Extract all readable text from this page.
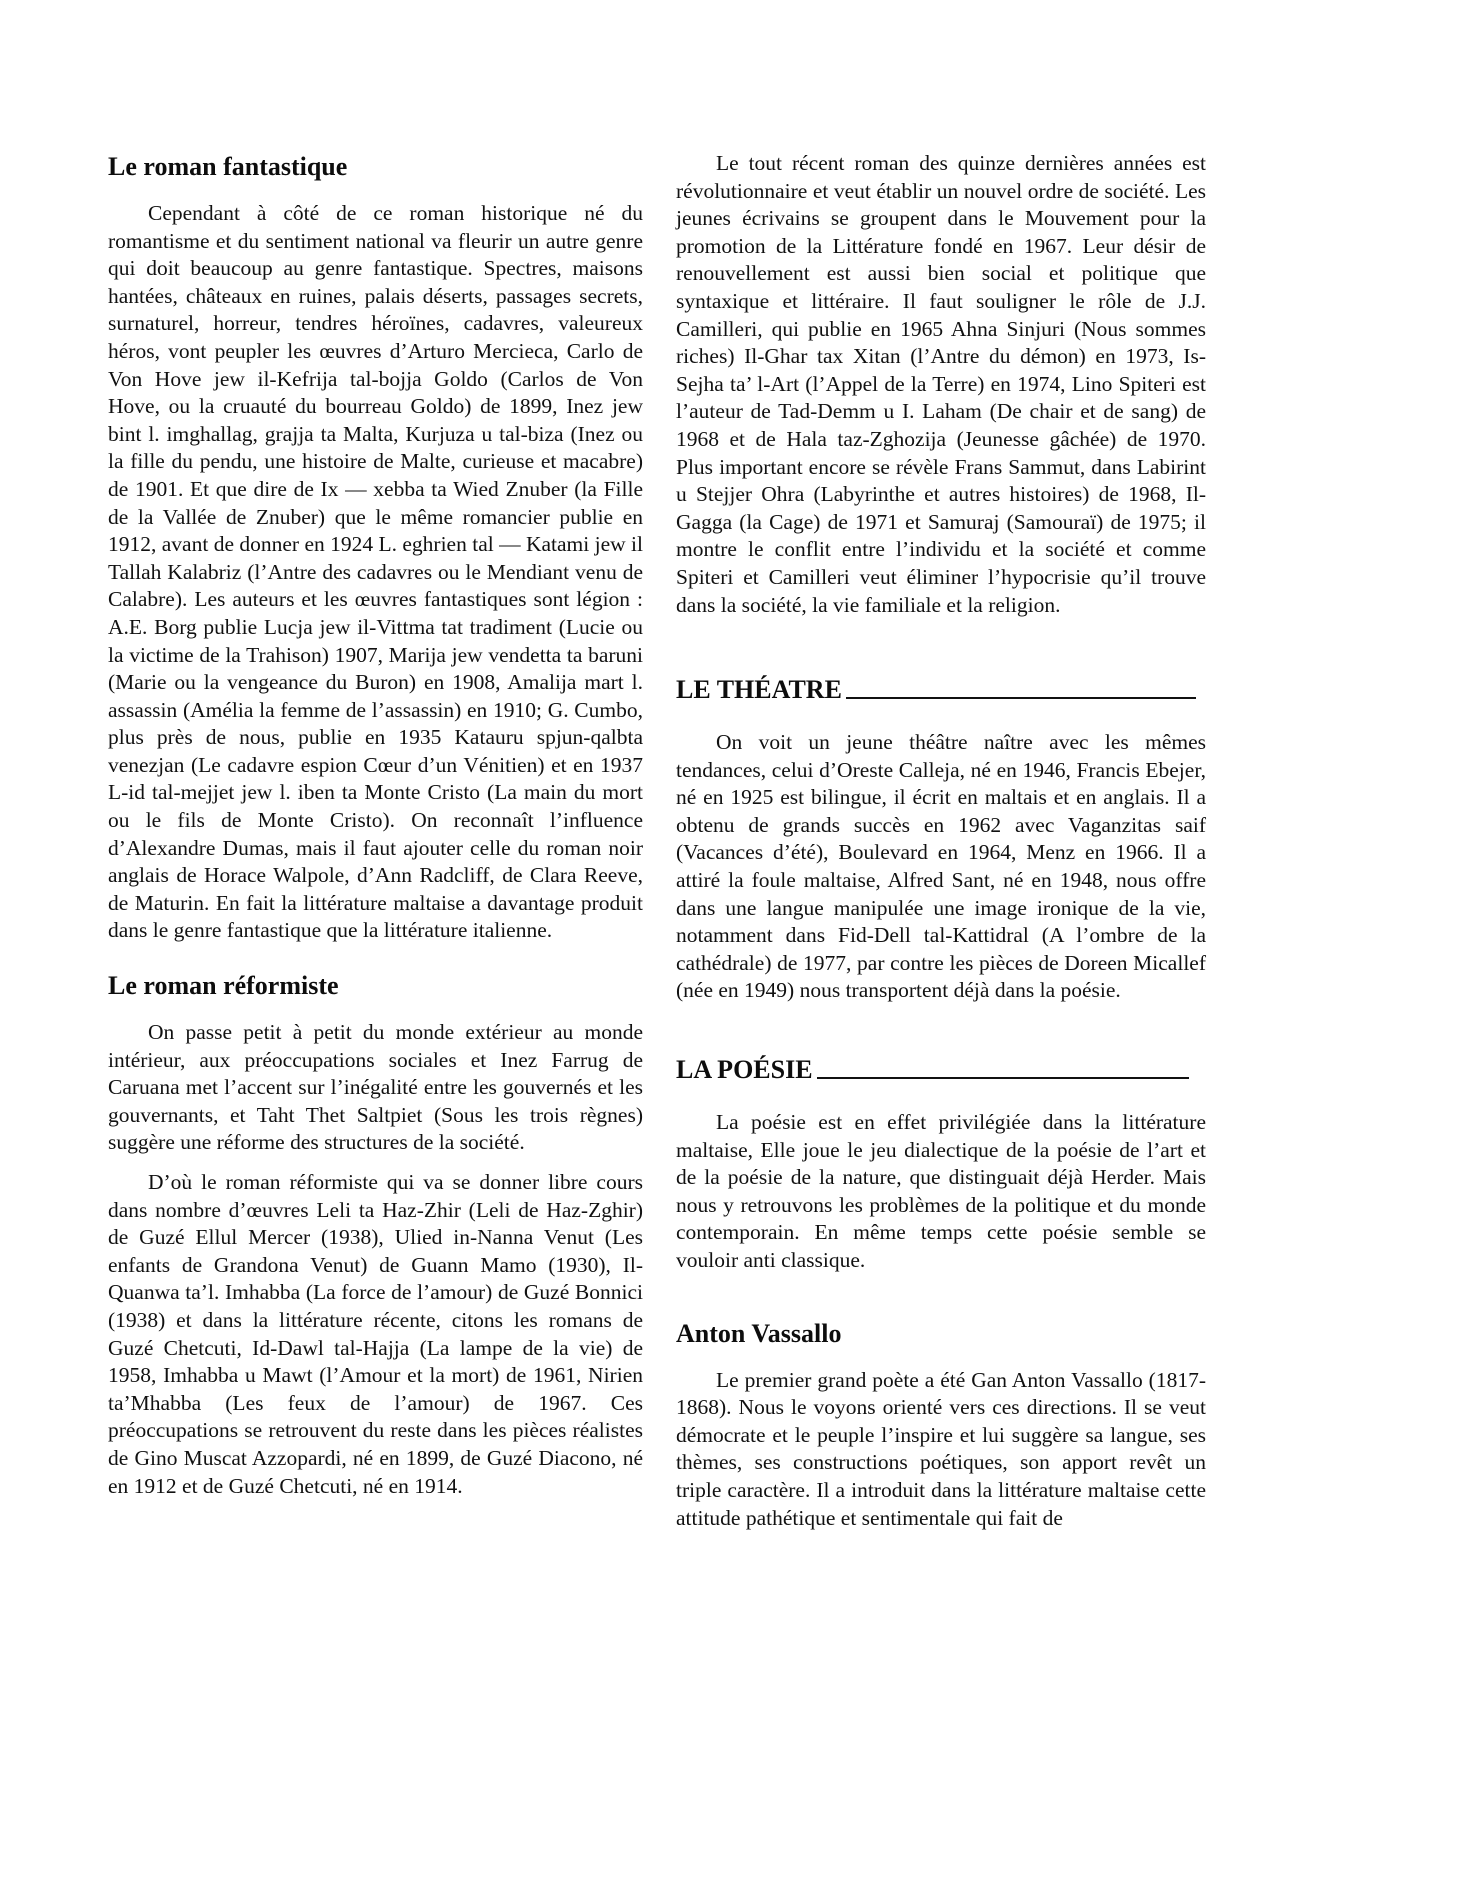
Le roman fantastique

Cependant à côté de ce roman historique né du romantisme et du sentiment national va fleurir un autre genre qui doit beaucoup au genre fantastique. Spectres, maisons hantées, châteaux en ruines, palais déserts, passages secrets, surnaturel, horreur, tendres héroïnes, cadavres, valeureux héros, vont peupler les œuvres d’Arturo Mercieca, Carlo de Von Hove jew il-Kefrija tal-bojja Goldo (Carlos de Von Hove, ou la cruauté du bourreau Goldo) de 1899, Inez jew bint l. imghallag, grajja ta Malta, Kurjuza u tal-biza (Inez ou la fille du pendu, une histoire de Malte, curieuse et macabre) de 1901. Et que dire de Ix — xebba ta Wied Znuber (la Fille de la Vallée de Znuber) que le même romancier publie en 1912, avant de donner en 1924 L. eghrien tal — Katami jew il Tallah Kalabriz (l’Antre des cadavres ou le Mendiant venu de Calabre). Les auteurs et les œuvres fantastiques sont légion : A.E. Borg publie Lucja jew il-Vittma tat tradiment (Lucie ou la victime de la Trahison) 1907, Marija jew vendetta ta baruni (Marie ou la vengeance du Buron) en 1908, Amalija mart l. assassin (Amélia la femme de l’assassin) en 1910; G. Cumbo, plus près de nous, publie en 1935 Katauru spjun-qalbta venezjan (Le cadavre espion Cœur d’un Vénitien) et en 1937 L-id tal-mejjet jew l. iben ta Monte Cristo (La main du mort ou le fils de Monte Cristo). On reconnaît l’influence d’Alexandre Dumas, mais il faut ajouter celle du roman noir anglais de Horace Walpole, d’Ann Radcliff, de Clara Reeve, de Maturin. En fait la littérature maltaise a davantage produit dans le genre fantastique que la littérature italienne.

Le roman réformiste

On passe petit à petit du monde extérieur au monde intérieur, aux préoccupations sociales et Inez Farrug de Caruana met l’accent sur l’inégalité entre les gouvernés et les gouvernants, et Taht Thet Saltpiet (Sous les trois règnes) suggère une réforme des structures de la société.

D’où le roman réformiste qui va se donner libre cours dans nombre d’œuvres Leli ta Haz-Zhir (Leli de Haz-Zghir) de Guzé Ellul Mercer (1938), Ulied in-Nanna Venut (Les enfants de Grandona Venut) de Guann Mamo (1930), Il-Quanwa ta’l. Imhabba (La force de l’amour) de Guzé Bonnici (1938) et dans la littérature récente, citons les romans de Guzé Chetcuti, Id-Dawl tal-Hajja (La lampe de la vie) de 1958, Imhabba u Mawt (l’Amour et la mort) de 1961, Nirien ta’Mhabba (Les feux de l’amour) de 1967. Ces préoccupations se retrouvent du reste dans les pièces réalistes de Gino Muscat Azzopardi, né en 1899, de Guzé Diacono, né en 1912 et de Guzé Chetcuti, né en 1914.

Le tout récent roman des quinze dernières années est révolutionnaire et veut établir un nouvel ordre de société. Les jeunes écrivains se groupent dans le Mouvement pour la promotion de la Littérature fondé en 1967. Leur désir de renouvellement est aussi bien social et politique que syntaxique et littéraire. Il faut souligner le rôle de J.J. Camilleri, qui publie en 1965 Ahna Sinjuri (Nous sommes riches) Il-Ghar tax Xitan (l’Antre du démon) en 1973, Is-Sejha ta’ l-Art (l’Appel de la Terre) en 1974, Lino Spiteri est l’auteur de Tad-Demm u I. Laham (De chair et de sang) de 1968 et de Hala taz-Zghozija (Jeunesse gâchée) de 1970. Plus important encore se révèle Frans Sammut, dans Labirint u Stejjer Ohra (Labyrinthe et autres histoires) de 1968, Il-Gagga (la Cage) de 1971 et Samuraj (Samouraï) de 1975; il montre le conflit entre l’individu et la société et comme Spiteri et Camilleri veut éliminer l’hypocrisie qu’il trouve dans la société, la vie familiale et la religion.

LE THÉATRE

On voit un jeune théâtre naître avec les mêmes tendances, celui d’Oreste Calleja, né en 1946, Francis Ebejer, né en 1925 est bilingue, il écrit en maltais et en anglais. Il a obtenu de grands succès en 1962 avec Vaganzitas saif (Vacances d’été), Boulevard en 1964, Menz en 1966. Il a attiré la foule maltaise, Alfred Sant, né en 1948, nous offre dans une langue manipulée une image ironique de la vie, notamment dans Fid-Dell tal-Kattidral (A l’ombre de la cathédrale) de 1977, par contre les pièces de Doreen Micallef (née en 1949) nous transportent déjà dans la poésie.

LA POÉSIE

La poésie est en effet privilégiée dans la littérature maltaise, Elle joue le jeu dialectique de la poésie de l’art et de la poésie de la nature, que distinguait déjà Herder. Mais nous y retrouvons les problèmes de la politique et du monde contemporain. En même temps cette poésie semble se vouloir anti classique.

Anton Vassallo

Le premier grand poète a été Gan Anton Vassallo (1817-1868). Nous le voyons orienté vers ces directions. Il se veut démocrate et le peuple l’inspire et lui suggère sa langue, ses thèmes, ses constructions poétiques, son apport revêt un triple caractère. Il a introduit dans la littérature maltaise cette attitude pathétique et sentimentale qui fait de
